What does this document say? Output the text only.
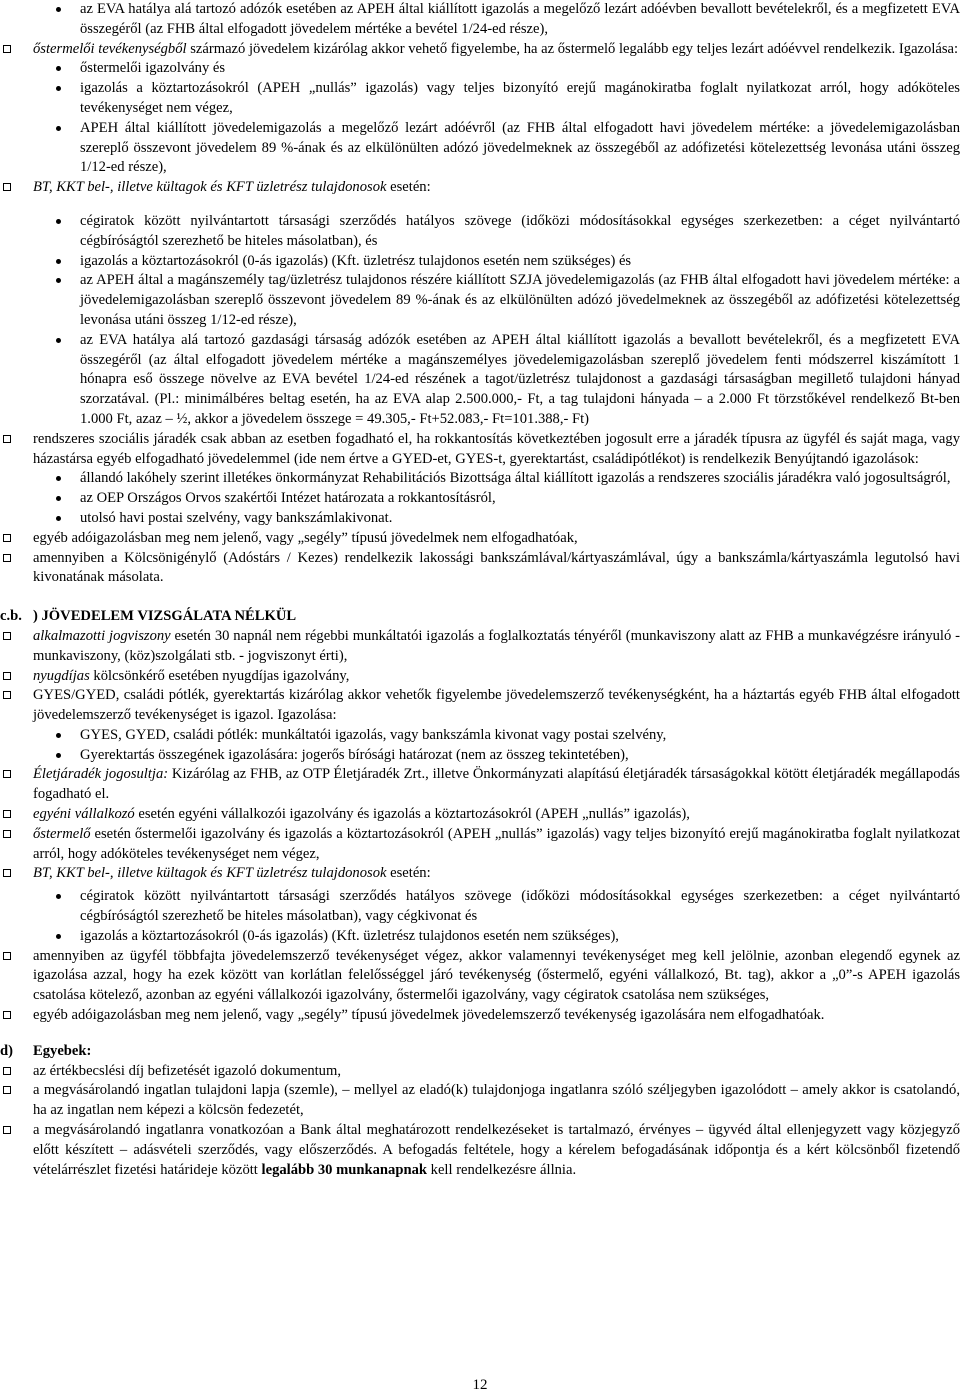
az EVA hatálya alá tartozó adózók esetében az APEH által kiállított igazolás a megelőző lezárt adóévben bevallott bevételekről, és a megfizetett EVA összegéről (az FHB által elfogadott jövedelem mértéke a bevétel 1/24-ed része),
őstermelői tevékenységből származó jövedelem kizárólag akkor vehető figyelembe, ha az őstermelő legalább egy teljes lezárt adóévvel rendelkezik. Igazolása:
őstermelői igazolvány és
igazolás a köztartozásokról (APEH „nullás” igazolás) vagy teljes bizonyító erejű magánokiratba foglalt nyilatkozat arról, hogy adóköteles tevékenységet nem végez,
APEH által kiállított jövedelemigazolás a megelőző lezárt adóévről (az FHB által elfogadott havi jövedelem mértéke: a jövedelemigazolásban szereplő összevont jövedelem 89 %-ának és az elkülönülten adózó jövedelmeknek az összegéből az adófizetési kötelezettség levonása utáni összeg 1/12-ed része),
BT, KKT bel-, illetve kültagok és KFT üzletrész tulajdonosok esetén:
cégiratok között nyilvántartott társasági szerződés hatályos szövege (időközi módosításokkal egységes szerkezetben: a céget nyilvántartó cégbíróságtól szerezhető be hiteles másolatban), és
igazolás a köztartozásokról (0-ás igazolás) (Kft. üzletrész tulajdonos esetén nem szükséges) és
az APEH által a magánszemély tag/üzletrész tulajdonos részére kiállított SZJA jövedelemigazolás (az FHB által elfogadott havi jövedelem mértéke: a jövedelemigazolásban szereplő összevont jövedelem 89 %-ának és az elkülönülten adózó jövedelmeknek az összegéből az adófizetési kötelezettség levonása utáni összeg 1/12-ed része),
az EVA hatálya alá tartozó gazdasági társaság adózók esetében az APEH által kiállított igazolás a bevallott bevételekről, és a megfizetett EVA összegéről (az által elfogadott jövedelem mértéke a magánszemélyes jövedelemigazolásban szereplő jövedelem fenti módszerrel kiszámított 1 hónapra eső összege növelve az EVA bevétel 1/24-ed részének a tagot/üzletrész tulajdonost a gazdasági társaságban megillető tulajdoni hányad szorzatával. (Pl.: minimálbéres beltag esetén, ha az EVA alap 2.500.000,- Ft, a tag tulajdoni hányada – a 2.000 Ft törzstőkével rendelkező Bt-ben 1.000 Ft, azaz – ½, akkor a jövedelem összege = 49.305,- Ft+52.083,- Ft=101.388,- Ft)
rendszeres szociális járadék csak abban az esetben fogadható el, ha rokkantosítás következtében jogosult erre a járadék típusra az ügyfél és saját maga, vagy házastársa egyéb elfogadható jövedelemmel (ide nem értve a GYED-et, GYES-t, gyerektartást, családipótlékot) is rendelkezik Benyújtandó igazolások:
állandó lakóhely szerint illetékes önkormányzat Rehabilitációs Bizottsága által kiállított igazolás a rendszeres szociális járadékra való jogosultságról,
az OEP Országos Orvos szakértői Intézet határozata a rokkantosításról,
utolsó havi postai szelvény, vagy bankszámlakivonat.
egyéb adóigazolásban meg nem jelenő, vagy „segély” típusú jövedelmek nem elfogadhatóak,
amennyiben a Kölcsönigénylő (Adóstárs / Kezes) rendelkezik lakossági bankszámlával/kártyaszámlával, úgy a bankszámla/kártyaszámla legutolsó havi kivonatának másolata.
c.b. ) JÖVEDELEM VIZSGÁLATA NÉLKÜL
alkalmazotti jogviszony esetén 30 napnál nem régebbi munkáltatói igazolás a foglalkoztatás tényéről (munkaviszony alatt az FHB a munkavégzésre irányuló - munkaviszony, (köz)szolgálati stb. - jogviszonyt érti),
nyugdíjas kölcsönkérő esetében nyugdíjas igazolvány,
GYES/GYED, családi pótlék, gyerektartás kizárólag akkor vehetők figyelembe jövedelemszerző tevékenységként, ha a háztartás egyéb FHB által elfogadott jövedelemszerző tevékenységet is igazol. Igazolása:
GYES, GYED, családi pótlék: munkáltatói igazolás, vagy bankszámla kivonat vagy postai szelvény,
Gyerektartás összegének igazolására: jogerős bírósági határozat (nem az összeg tekintetében),
Életjáradék jogosultja: Kizárólag az FHB, az OTP Életjáradék Zrt., illetve Önkormányzati alapítású életjáradék társaságokkal kötött életjáradék megállapodás fogadható el.
egyéni vállalkozó esetén egyéni vállalkozói igazolvány és igazolás a köztartozásokról (APEH „nullás” igazolás),
őstermelő esetén őstermelői igazolvány és igazolás a köztartozásokról (APEH „nullás” igazolás) vagy teljes bizonyító erejű magánokiratba foglalt nyilatkozat arról, hogy adóköteles tevékenységet nem végez,
BT, KKT bel-, illetve kültagok és KFT üzletrész tulajdonosok esetén:
cégiratok között nyilvántartott társasági szerződés hatályos szövege (időközi módosításokkal egységes szerkezetben: a céget nyilvántartó cégbíróságtól szerezhető be hiteles másolatban), vagy cégkivonat és
igazolás a köztartozásokról (0-ás igazolás) (Kft. üzletrész tulajdonos esetén nem szükséges),
amennyiben az ügyfél többfajta jövedelemszerző tevékenységet végez, akkor valamennyi tevékenységet meg kell jelölnie, azonban elegendő egynek az igazolása azzal, hogy ha ezek között van korlátlan felelősséggel járó tevékenység (őstermelő, egyéni vállalkozó, Bt. tag), akkor a „0”-s APEH igazolás csatolása kötelező, azonban az egyéni vállalkozói igazolvány, őstermelői igazolvány, vagy cégiratok csatolása nem szükséges,
egyéb adóigazolásban meg nem jelenő, vagy „segély” típusú jövedelmek jövedelemszerző tevékenység igazolására nem elfogadhatóak.
d) Egyebek:
az értékbecslési díj befizetését igazoló dokumentum,
a megvásárolandó ingatlan tulajdoni lapja (szemle), – mellyel az eladó(k) tulajdonjoga ingatlanra szóló széljegyben igazolódott – amely akkor is csatolandó, ha az ingatlan nem képezi a kölcsön fedezetét,
a megvásárolandó ingatlanra vonatkozóan a Bank által meghatározott rendelkezéseket is tartalmazó, érvényes – ügyvéd által ellenjegyzett vagy közjegyző előtt készített – adásvételi szerződés, vagy előszerződés. A befogadás feltétele, hogy a kérelem befogadásának időpontja és a kért kölcsönből fizetendő vételárrészlet fizetési határideje között legalább 30 munkanapnak kell rendelkezésre állnia.
12
